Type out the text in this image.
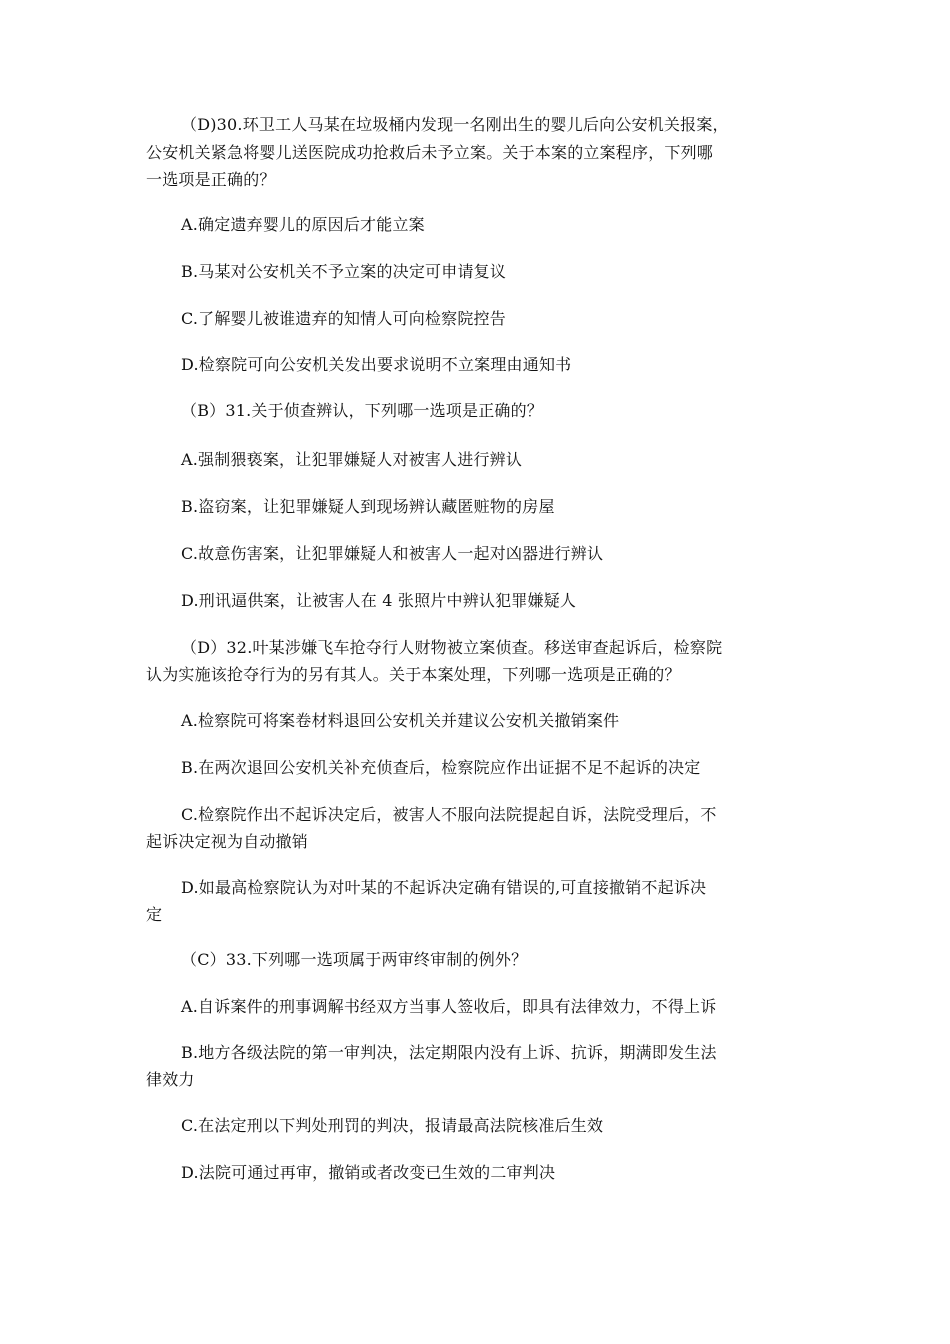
（D)30.环卫工人马某在垃圾桶内发现一名刚出生的婴儿后向公安机关报案，
公安机关紧急将婴儿送医院成功抢救后未予立案。关于本案的立案程序，下列哪
一选项是正确的？
A.确定遗弃婴儿的原因后才能立案
B.马某对公安机关不予立案的决定可申请复议
C.了解婴儿被谁遗弃的知情人可向检察院控告
D.检察院可向公安机关发出要求说明不立案理由通知书
（B）31.关于侦查辨认，下列哪一选项是正确的？
A.强制猥亵案，让犯罪嫌疑人对被害人进行辨认
B.盗窃案，让犯罪嫌疑人到现场辨认藏匿赃物的房屋
C.故意伤害案，让犯罪嫌疑人和被害人一起对凶器进行辨认
D.刑讯逼供案，让被害人在 4 张照片中辨认犯罪嫌疑人
（D）32.叶某涉嫌飞车抢夺行人财物被立案侦查。移送审查起诉后，检察院
认为实施该抢夺行为的另有其人。关于本案处理，下列哪一选项是正确的？
A.检察院可将案卷材料退回公安机关并建议公安机关撤销案件
B.在两次退回公安机关补充侦查后，检察院应作出证据不足不起诉的决定
C.检察院作出不起诉决定后，被害人不服向法院提起自诉，法院受理后，不
起诉决定视为自动撤销
D.如最高检察院认为对叶某的不起诉决定确有错误的,可直接撤销不起诉决
定
（C）33.下列哪一选项属于两审终审制的例外？
A.自诉案件的刑事调解书经双方当事人签收后，即具有法律效力，不得上诉
B.地方各级法院的第一审判决，法定期限内没有上诉、抗诉，期满即发生法
律效力
C.在法定刑以下判处刑罚的判决，报请最高法院核准后生效
D.法院可通过再审，撤销或者改变已生效的二审判决
